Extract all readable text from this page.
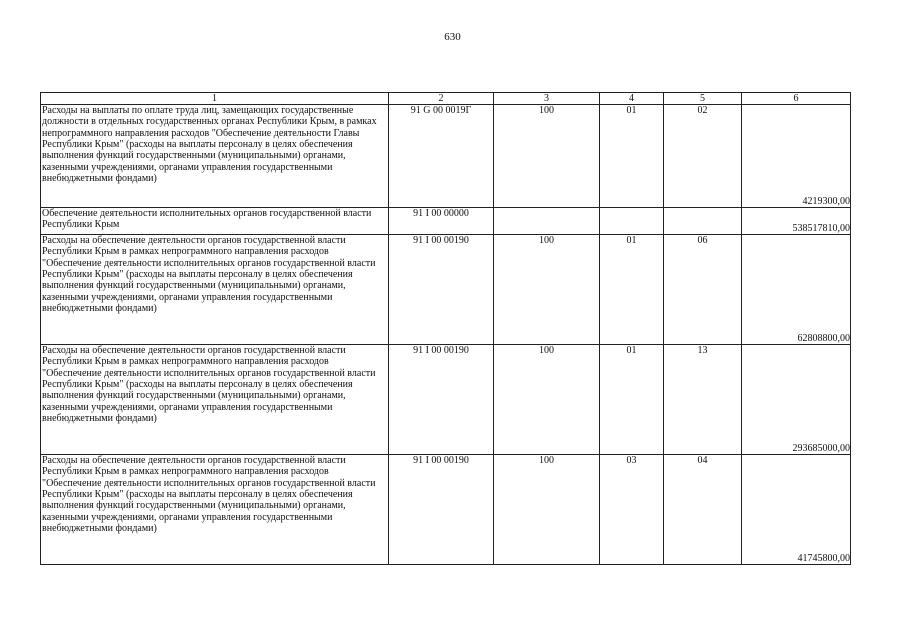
630
1	2	3	4	5	6
Расходы на выплаты по оплате труда лиц, замещающих государственные должности в отдельных государственных органах Республики Крым, в рамках непрограммного направления расходов "Обеспечение деятельности Главы Республики Крым" (расходы на выплаты персоналу в целях обеспечения выполнения функций государственными (муниципальными) органами, казенными учреждениями, органами управления государственными внебюджетными фондами)	91 G 00 0019Г	100	01	02	4219300,00
Обеспечение деятельности исполнительных органов государственной власти Республики Крым	91 I 00 00000				538517810,00
Расходы на обеспечение деятельности органов государственной власти Республики Крым в рамках непрограммного направления расходов "Обеспечение деятельности исполнительных органов государственной власти Республики Крым" (расходы на выплаты персоналу в целях обеспечения выполнения функций государственными (муниципальными) органами, казенными учреждениями, органами управления государственными внебюджетными фондами)	91 I 00 00190	100	01	06	62808800,00
Расходы на обеспечение деятельности органов государственной власти Республики Крым в рамках непрограммного направления расходов "Обеспечение деятельности исполнительных органов государственной власти Республики Крым" (расходы на выплаты персоналу в целях обеспечения выполнения функций государственными (муниципальными) органами, казенными учреждениями, органами управления государственными внебюджетными фондами)	91 I 00 00190	100	01	13	293685000,00
Расходы на обеспечение деятельности органов государственной власти Республики Крым в рамках непрограммного направления расходов "Обеспечение деятельности исполнительных органов государственной власти Республики Крым" (расходы на выплаты персоналу в целях обеспечения выполнения функций государственными (муниципальными) органами, казенными учреждениями, органами управления государственными внебюджетными фондами)	91 I 00 00190	100	03	04	41745800,00
